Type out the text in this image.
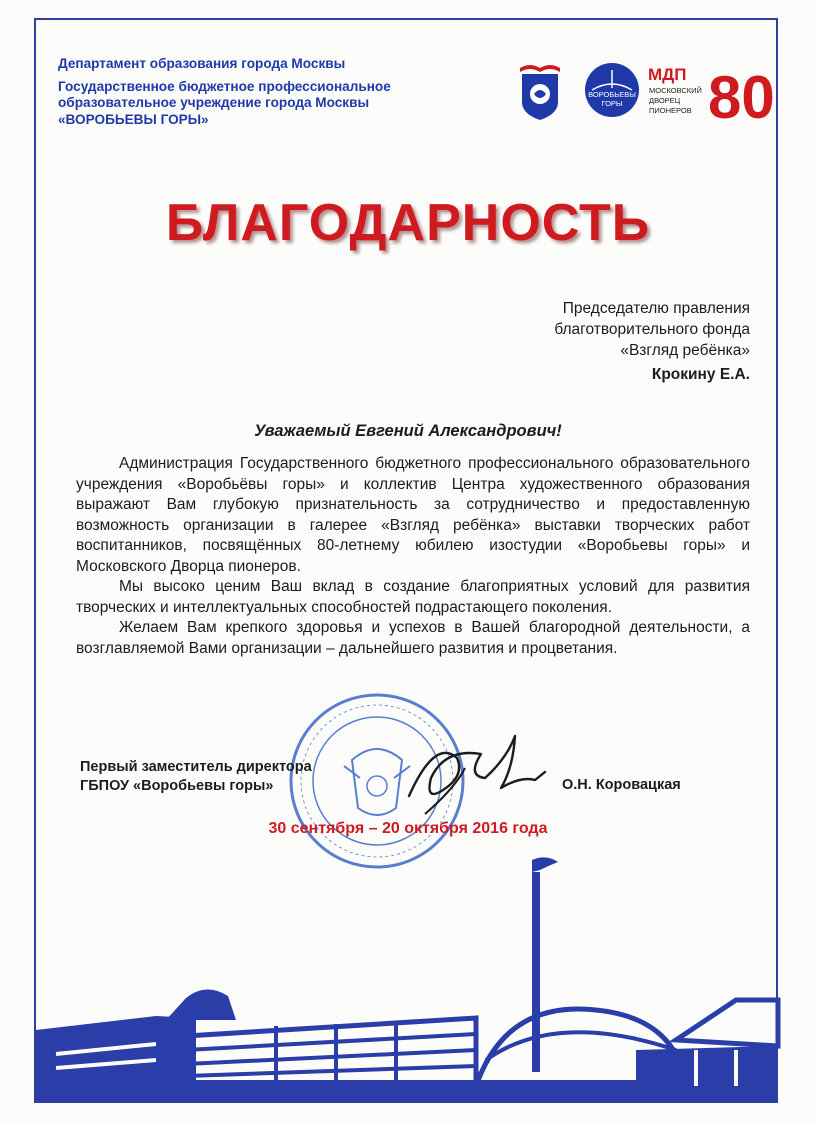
Департамент образования города Москвы
Государственное бюджетное профессиональное
образовательное учреждение города Москвы
«ВОРОБЬЕВЫ ГОРЫ»
ВОРОБЬЕВЫ
ГОРЫ
МДП
МОСКОВСКИЙ
ДВОРЕЦ
ПИОНЕРОВ 80
БЛАГОДАРНОСТЬ
Председателю правления
благотворительного фонда
«Взгляд ребёнка»
Крокину Е.А.
Уважаемый Евгений Александрович!

Администрация Государственного бюджетного профессионального образовательного учреждения «Воробьёвы горы» и коллектив Центра художественного образования выражают Вам глубокую признательность за сотрудничество и предоставленную возможность организации в галерее «Взгляд ребёнка» выставки творческих работ воспитанников, посвящённых 80-летнему юбилею изостудии «Воробьевы горы» и Московского Дворца пионеров.

Мы высоко ценим Ваш вклад в создание благоприятных условий для развития творческих и интеллектуальных способностей подрастающего поколения.

Желаем Вам крепкого здоровья и успехов в Вашей благородной деятельности, а возглавляемой Вами организации – дальнейшего развития и процветания.

Первый заместитель директора
ГБПОУ «Воробьевы горы»	О.Н. Коровацкая
30 сентября – 20 октября 2016 года
